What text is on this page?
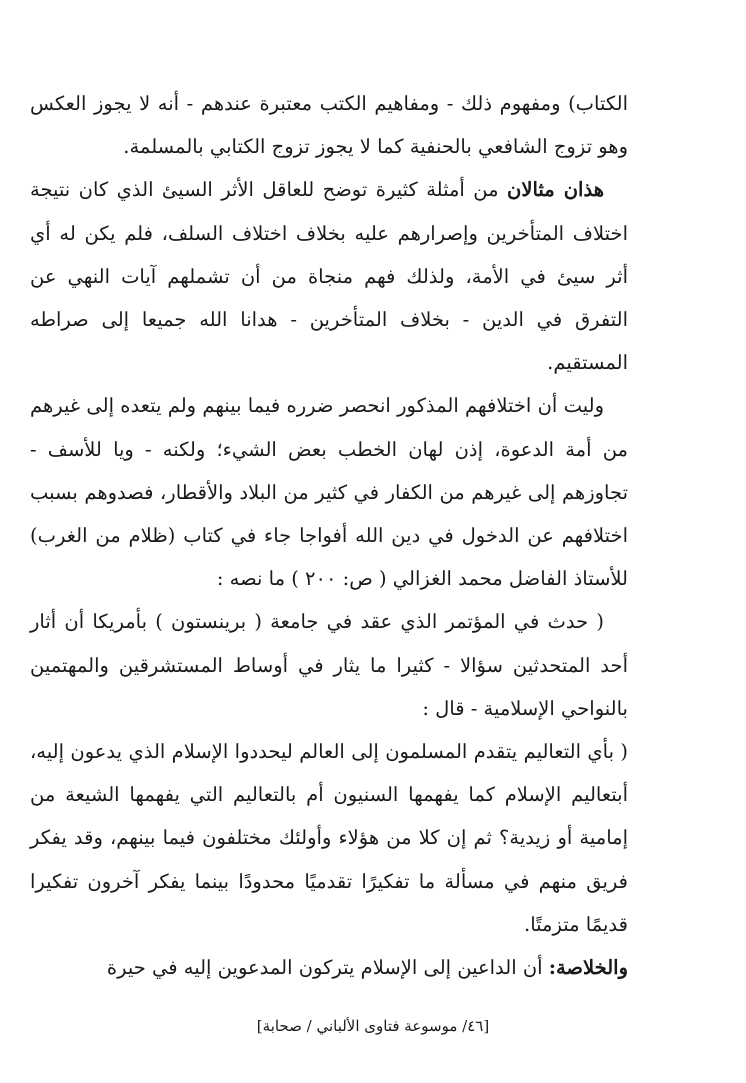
الكتاب) ومفهوم ذلك - ومفاهيم الكتب معتبرة عندهم - أنه لا يجوز العكس وهو تزوج الشافعي بالحنفية كما لا يجوز تزوج الكتابي بالمسلمة.

هذان مثالان من أمثلة كثيرة توضح للعاقل الأثر السيئ الذي كان نتيجة اختلاف المتأخرين وإصرارهم عليه بخلاف اختلاف السلف، فلم يكن له أي أثر سيئ في الأمة، ولذلك فهم منجاة من أن تشملهم آيات النهي عن التفرق في الدين - بخلاف المتأخرين - هدانا الله جميعا إلى صراطه المستقيم.

وليت أن اختلافهم المذكور انحصر ضرره فيما بينهم ولم يتعده إلى غيرهم من أمة الدعوة، إذن لهان الخطب بعض الشيء؛ ولكنه - ويا للأسف - تجاوزهم إلى غيرهم من الكفار في كثير من البلاد والأقطار، فصدوهم بسبب اختلافهم عن الدخول في دين الله أفواجا جاء في كتاب (ظلام من الغرب) للأستاذ الفاضل محمد الغزالي ( ص: ٢٠٠ ) ما نصه :

( حدث في المؤتمر الذي عقد في جامعة ( برينستون ) بأمريكا أن أثار أحد المتحدثين سؤالا - كثيرا ما يثار في أوساط المستشرقين والمهتمين بالنواحي الإسلامية - قال :

( بأي التعاليم يتقدم المسلمون إلى العالم ليحددوا الإسلام الذي يدعون إليه، أبتعاليم الإسلام كما يفهمها السنيون أم بالتعاليم التي يفهمها الشيعة من إمامية أو زيدية؟ ثم إن كلا من هؤلاء وأولئك مختلفون فيما بينهم، وقد يفكر فريق منهم في مسألة ما تفكيرًا تقدميًا محدودًا بينما يفكر آخرون تفكيرا قديمًا متزمتًا.

والخلاصة: أن الداعين إلى الإسلام يتركون المدعوين إليه في حيرة

[٤٦/ موسوعة فتاوى الألباني / صحابة]
